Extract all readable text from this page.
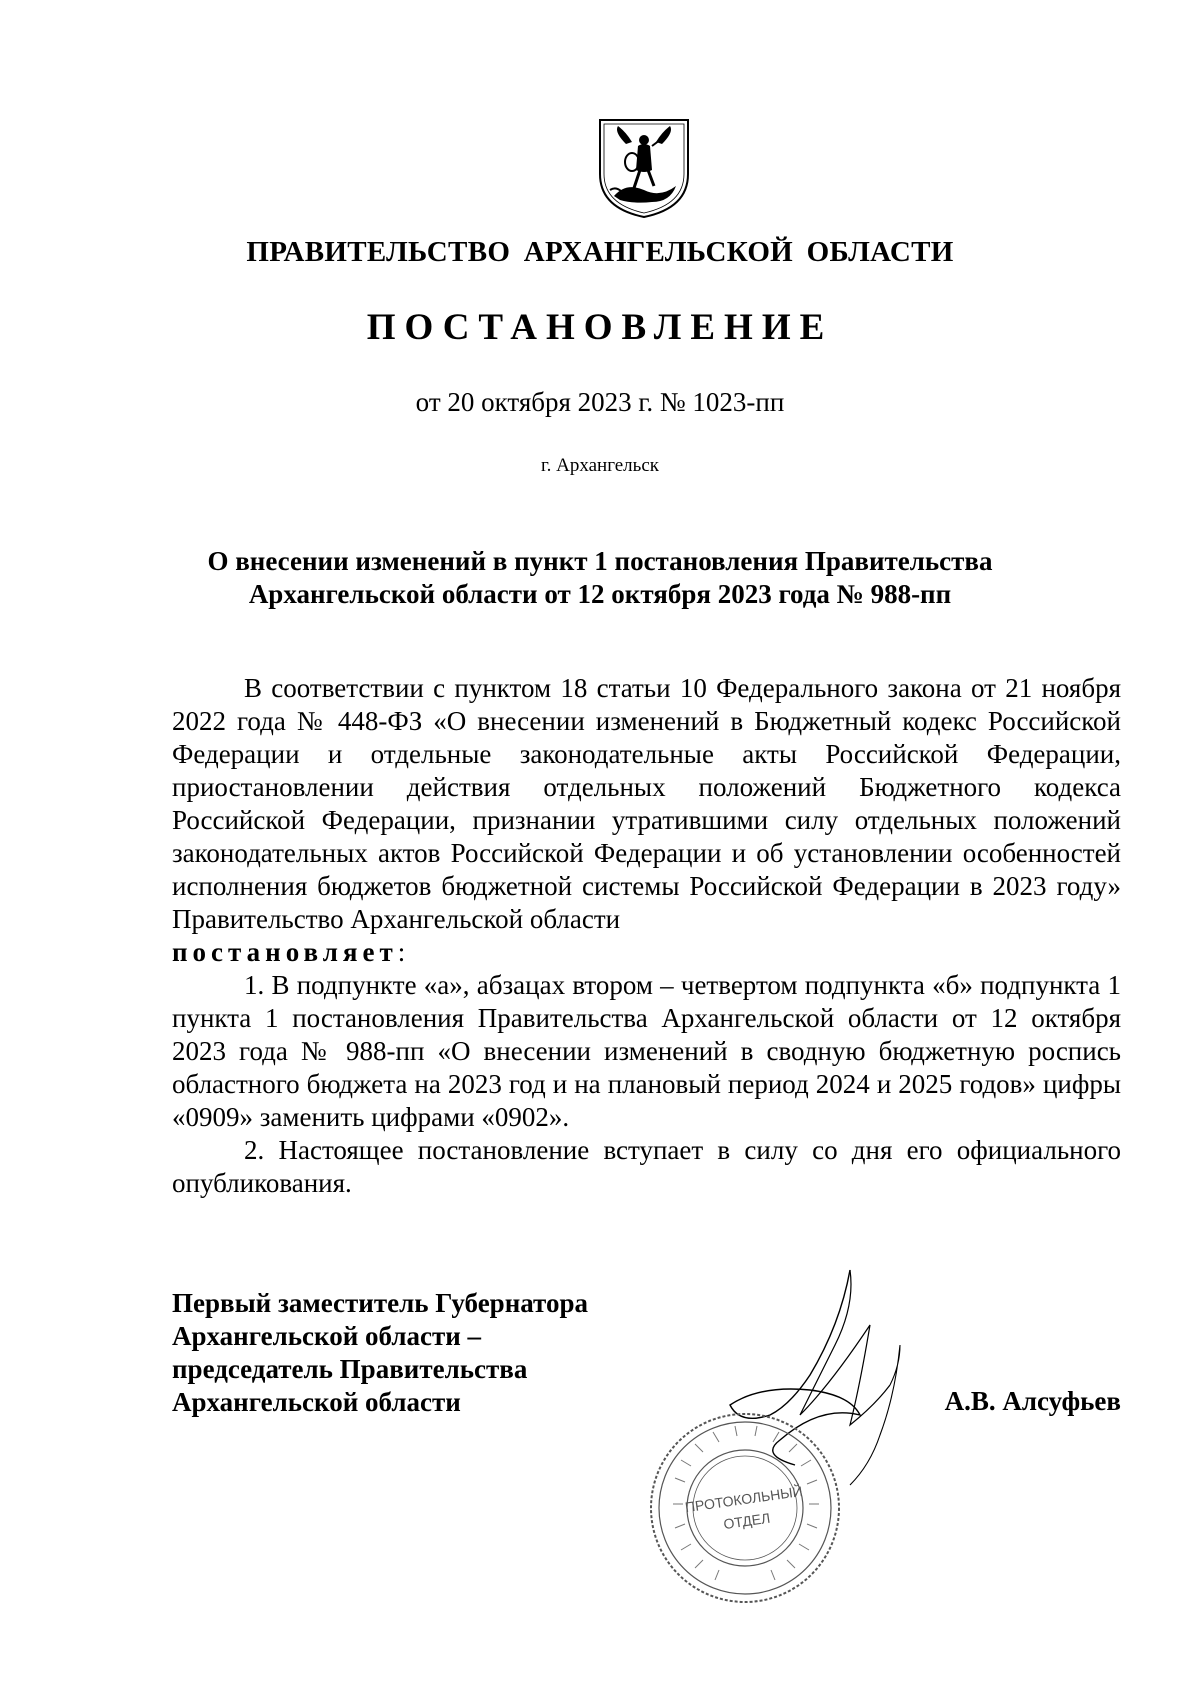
ПРАВИТЕЛЬСТВО АРХАНГЕЛЬСКОЙ ОБЛАСТИ
ПОСТАНОВЛЕНИЕ
от 20 октября 2023 г. № 1023-пп
г. Архангельск
О внесении изменений в пункт 1 постановления Правительства
Архангельской области от 12 октября 2023 года № 988-пп

В соответствии с пунктом 18 статьи 10 Федерального закона от 21 ноября 2022 года № 448-ФЗ «О внесении изменений в Бюджетный кодекс Российской Федерации и отдельные законодательные акты Российской Федерации, приостановлении действия отдельных положений Бюджетного кодекса Российской Федерации, признании утратившими силу отдельных положений законодательных актов Российской Федерации и об установлении особенностей исполнения бюджетов бюджетной системы Российской Федерации в 2023 году» Правительство Архангельской области

постановляет:

1. В подпункте «а», абзацах втором – четвертом подпункта «б» подпункта 1 пункта 1 постановления Правительства Архангельской области от 12 октября 2023 года № 988-пп «О внесении изменений в сводную бюджетную роспись областного бюджета на 2023 год и на плановый период 2024 и 2025 годов» цифры «0909» заменить цифрами «0902».

2. Настоящее постановление вступает в силу со дня его официального опубликования.

Первый заместитель Губернатора
Архангельской области –
председатель Правительства
Архангельской области	А.В. Алсуфьев
ПРОТОКОЛЬНЫЙ
ОТДЕЛ
